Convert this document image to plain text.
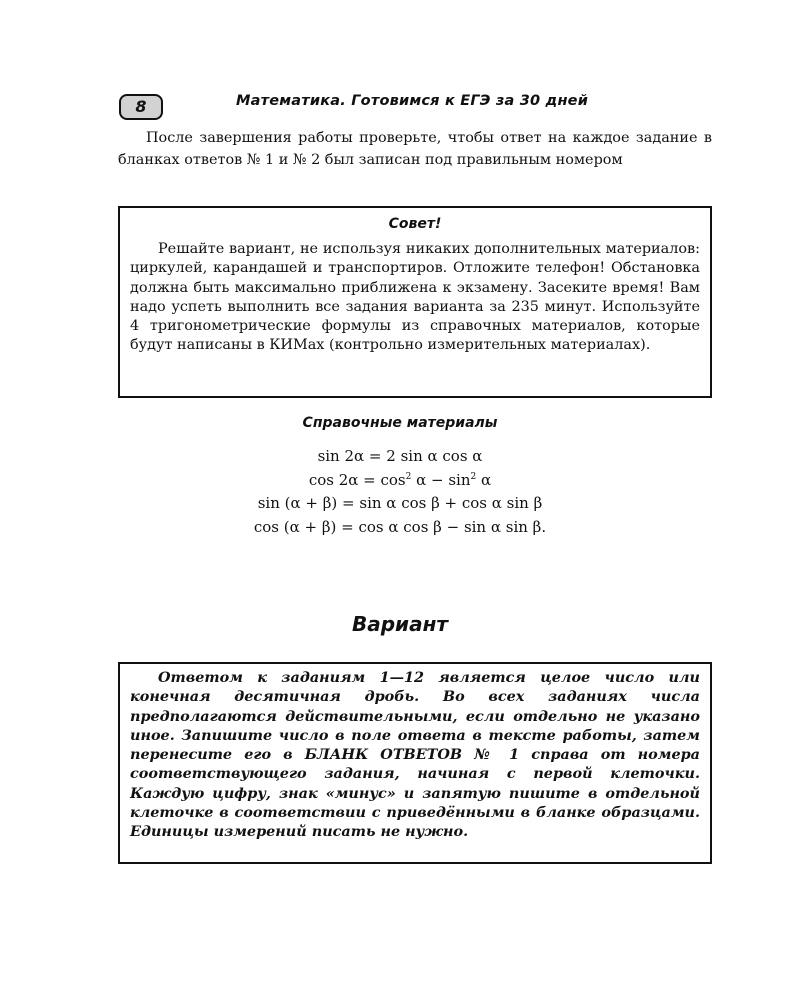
8	Математика. Готовимся к ЕГЭ за 30 дней

После завершения работы проверьте, чтобы ответ на каждое задание в бланках ответов № 1 и № 2 был записан под правильным номером

Совет!

Решайте вариант, не используя никаких дополнительных материалов: циркулей, карандашей и транспортиров. Отложите телефон! Обстановка должна быть максимально приближена к экзамену. Засеките время! Вам надо успеть выполнить все задания варианта за 235 минут. Используйте 4 тригонометрические формулы из справочных материалов, которые будут написаны в КИМах (контрольно измерительных материалах).

Справочные материалы
sin 2α = 2 sin α cos α
$\cos 2\alpha = \cos^2 \alpha - \sin^2 \alpha$
sin (α + β) = sin α cos β + cos α sin β
cos (α + β) = cos α cos β − sin α sin β.
Вариант

Ответом к заданиям 1—12 является целое число или конечная десятичная дробь. Во всех заданиях числа предполагаются действительными, если отдельно не указано иное. Запишите число в поле ответа в тексте работы, затем перенесите его в БЛАНК ОТВЕТОВ № 1 справа от номера соответствующего задания, начиная с первой клеточки. Каждую цифру, знак «минус» и запятую пишите в отдельной клеточке в соответствии с приведёнными в бланке образцами. Единицы измерений писать не нужно.
